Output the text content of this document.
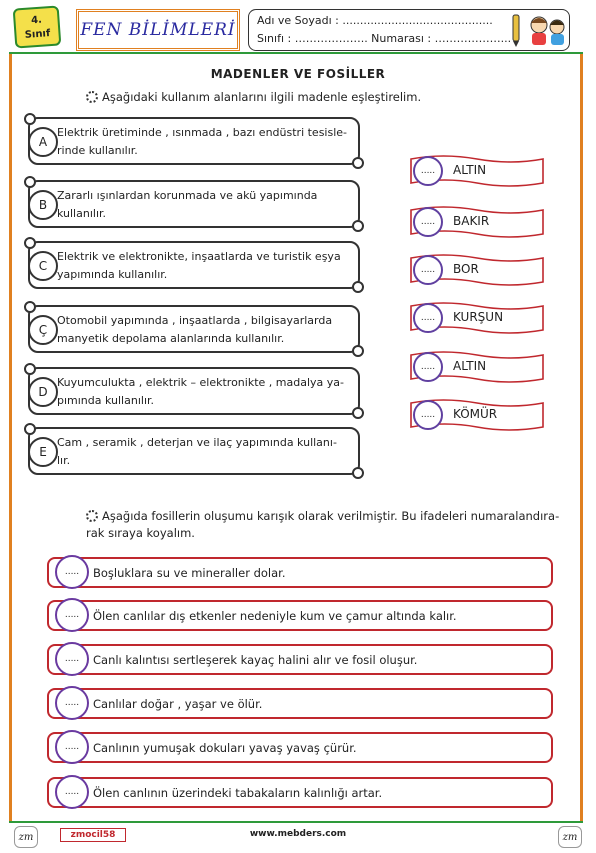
4.
Sınıf	FEN BİLİMLERİ	Adı ve Soyadı : ...........................................
Sınıfı : ……………….. Numarası : ………………...
MADENLER VE FOSİLLER
Aşağıdaki kullanım alanlarını ilgili madenle eşleştirelim.
A
Elektrik üretiminde , ısınmada , bazı endüstri tesisle-
rinde kullanılır.
B
Zararlı ışınlardan korunmada ve akü yapımında
kullanılır.
C
Elektrik ve elektronikte, inşaatlarda ve turistik eşya
yapımında kullanılır.
Ç
Otomobil yapımında , inşaatlarda , bilgisayarlarda
manyetik depolama alanlarında kullanılır.
D
Kuyumculukta , elektrik – elektronikte , madalya ya-
pımında kullanılır.
E
Cam , seramik , deterjan ve ilaç yapımında kullanı-
lır.
.....	ALTIN
.....	BAKIR
.....	BOR
.....	KURŞUN
.....	ALTIN
.....	KÖMÜR
Aşağıda fosillerin oluşumu karışık olarak verilmiştir. Bu ifadeleri numaralandıra-
rak sıraya koyalım.
.....	Boşluklara su ve mineraller dolar.
.....	Ölen canlılar dış etkenler nedeniyle kum ve çamur altında kalır.
.....	Canlı kalıntısı sertleşerek kayaç halini alır ve fosil oluşur.
.....	Canlılar doğar , yaşar ve ölür.
.....	Canlının yumuşak dokuları yavaş yavaş çürür.
.....	Ölen canlının üzerindeki tabakaların kalınlığı artar.
zm	zmocil58	www.mebders.com	zm
